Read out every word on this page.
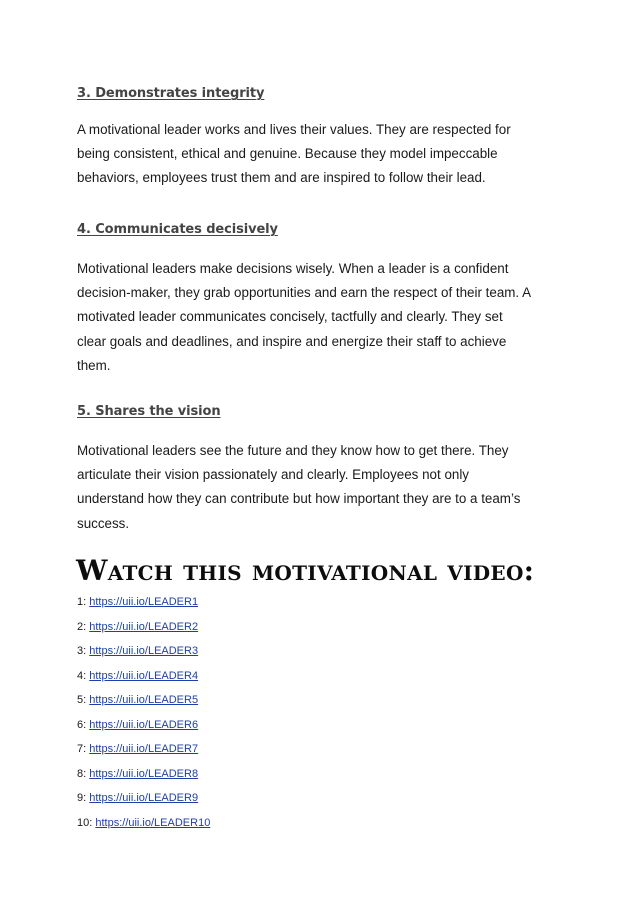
3. Demonstrates integrity

A motivational leader works and lives their values. They are respected for
being consistent, ethical and genuine. Because they model impeccable
behaviors, employees trust them and are inspired to follow their lead.

4. Communicates decisively

Motivational leaders make decisions wisely. When a leader is a confident
decision-maker, they grab opportunities and earn the respect of their team. A
motivated leader communicates concisely, tactfully and clearly. They set
clear goals and deadlines, and inspire and energize their staff to achieve
them.

5. Shares the vision

Motivational leaders see the future and they know how to get there. They
articulate their vision passionately and clearly. Employees not only
understand how they can contribute but how important they are to a team’s
success.

Watch this motivational video:
1: https://uii.io/LEADER1
2: https://uii.io/LEADER2
3: https://uii.io/LEADER3
4: https://uii.io/LEADER4
5: https://uii.io/LEADER5
6: https://uii.io/LEADER6
7: https://uii.io/LEADER7
8: https://uii.io/LEADER8
9: https://uii.io/LEADER9
10: https://uii.io/LEADER10
